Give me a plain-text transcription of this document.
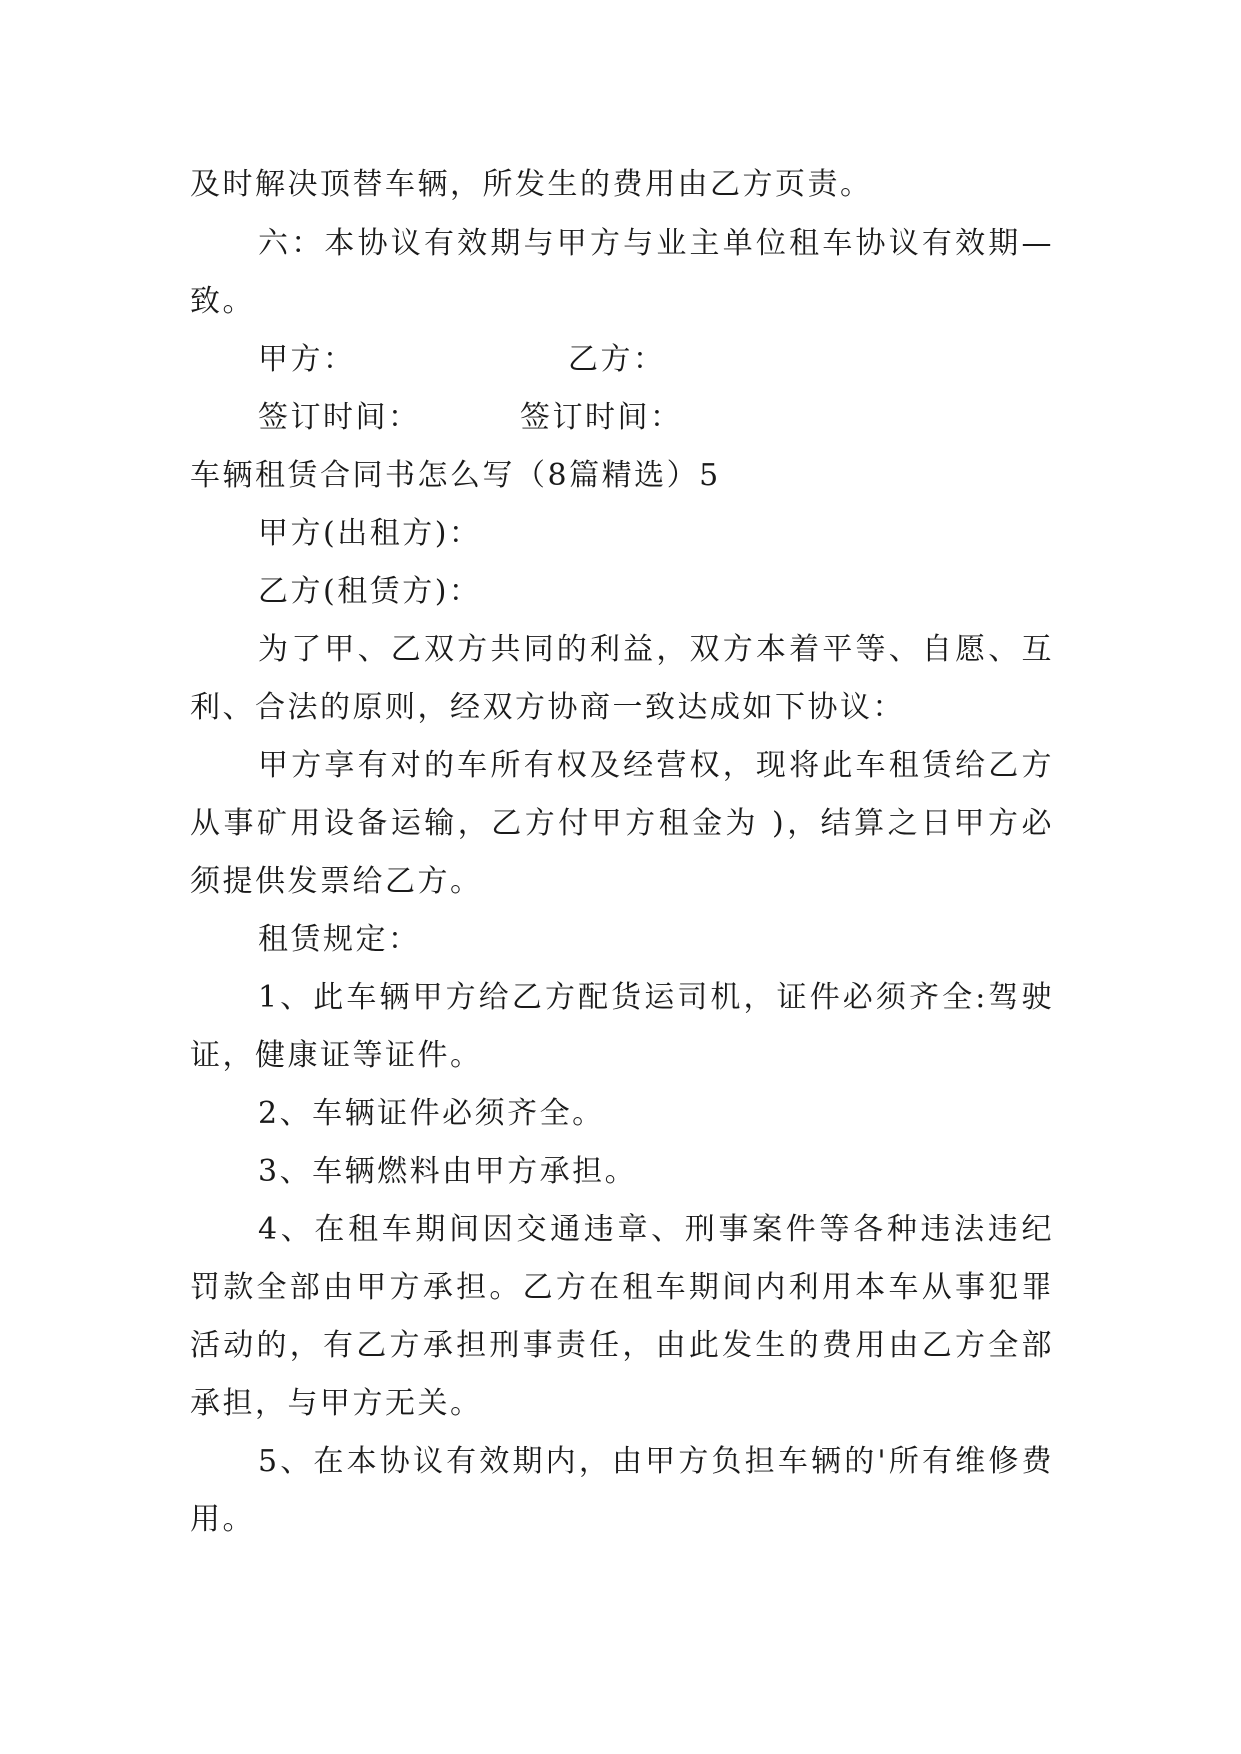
及时解决顶替车辆，所发生的费用由乙方页责。
六：本协议有效期与甲方与业主单位租车协议有效期—
致。
甲方：	乙方：
签订时间：	签订时间：
车辆租赁合同书怎么写（8篇精选）5
甲方(出租方)：
乙方(租赁方)：
为了甲、乙双方共同的利益，双方本着平等、自愿、互
利、合法的原则，经双方协商一致达成如下协议：
甲方享有对的车所有权及经营权，现将此车租赁给乙方
从事矿用设备运输，乙方付甲方租金为 )，结算之日甲方必
须提供发票给乙方。
租赁规定：
1、此车辆甲方给乙方配货运司机，证件必须齐全:驾驶
证，健康证等证件。
2、车辆证件必须齐全。
3、车辆燃料由甲方承担。
4、在租车期间因交通违章、刑事案件等各种违法违纪
罚款全部由甲方承担。乙方在租车期间内利用本车从事犯罪
活动的，有乙方承担刑事责任，由此发生的费用由乙方全部
承担，与甲方无关。
5、在本协议有效期内，由甲方负担车辆的'所有维修费
用。
